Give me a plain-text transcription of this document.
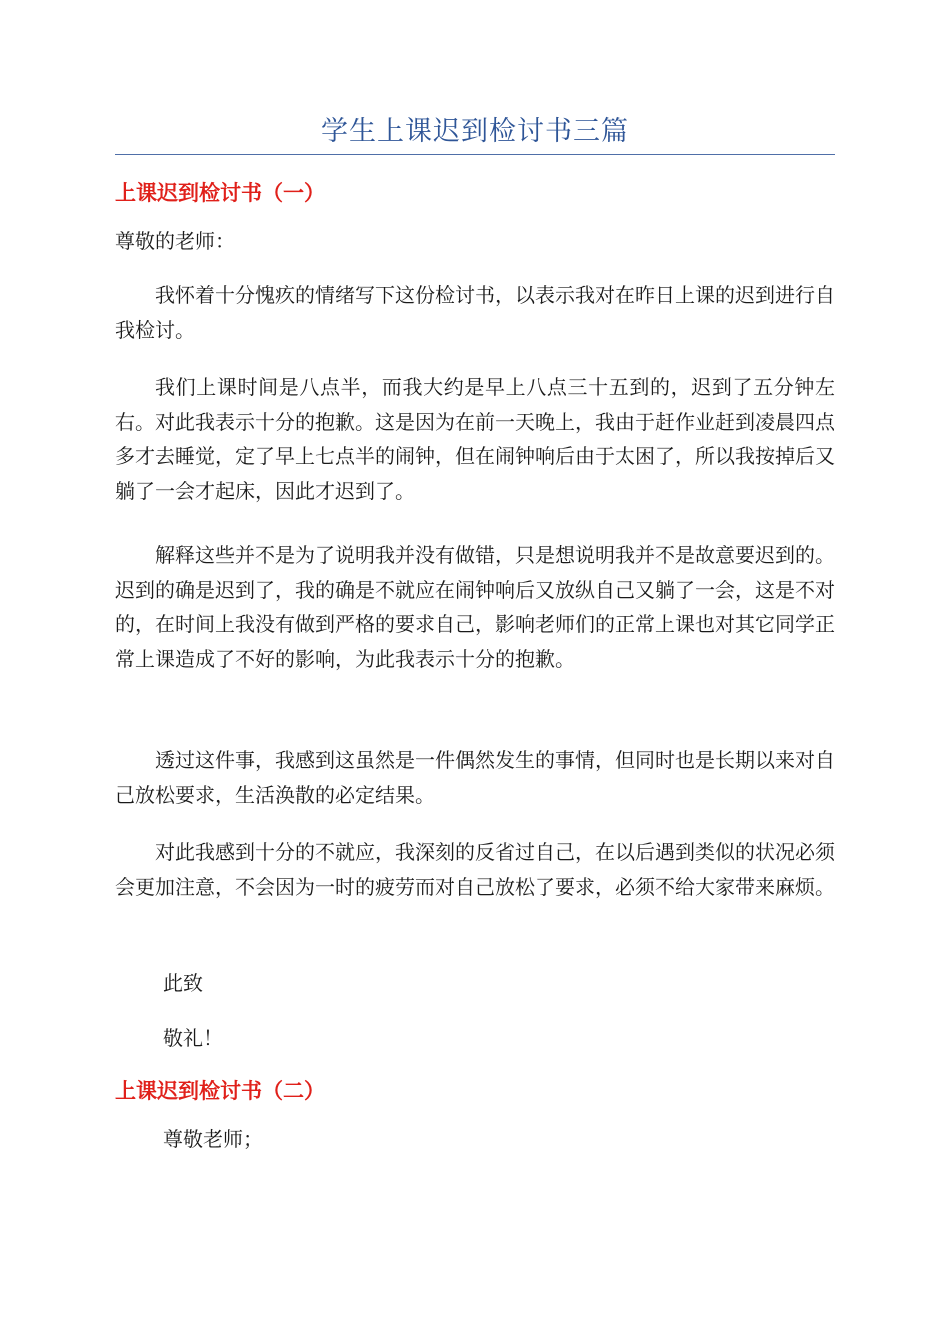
学生上课迟到检讨书三篇
上课迟到检讨书（一）
尊敬的老师：
我怀着十分愧疚的情绪写下这份检讨书，以表示我对在昨日上课的迟到进行自我检讨。
我们上课时间是八点半，而我大约是早上八点三十五到的，迟到了五分钟左右。对此我表示十分的抱歉。这是因为在前一天晚上，我由于赶作业赶到凌晨四点多才去睡觉，定了早上七点半的闹钟，但在闹钟响后由于太困了，所以我按掉后又躺了一会才起床，因此才迟到了。
解释这些并不是为了说明我并没有做错，只是想说明我并不是故意要迟到的。迟到的确是迟到了，我的确是不就应在闹钟响后又放纵自己又躺了一会，这是不对的，在时间上我没有做到严格的要求自己，影响老师们的正常上课也对其它同学正常上课造成了不好的影响，为此我表示十分的抱歉。
透过这件事，我感到这虽然是一件偶然发生的事情，但同时也是长期以来对自己放松要求，生活涣散的必定结果。
对此我感到十分的不就应，我深刻的反省过自己，在以后遇到类似的状况必须会更加注意，不会因为一时的疲劳而对自己放松了要求，必须不给大家带来麻烦。
此致
敬礼！
上课迟到检讨书（二）
尊敬老师；
